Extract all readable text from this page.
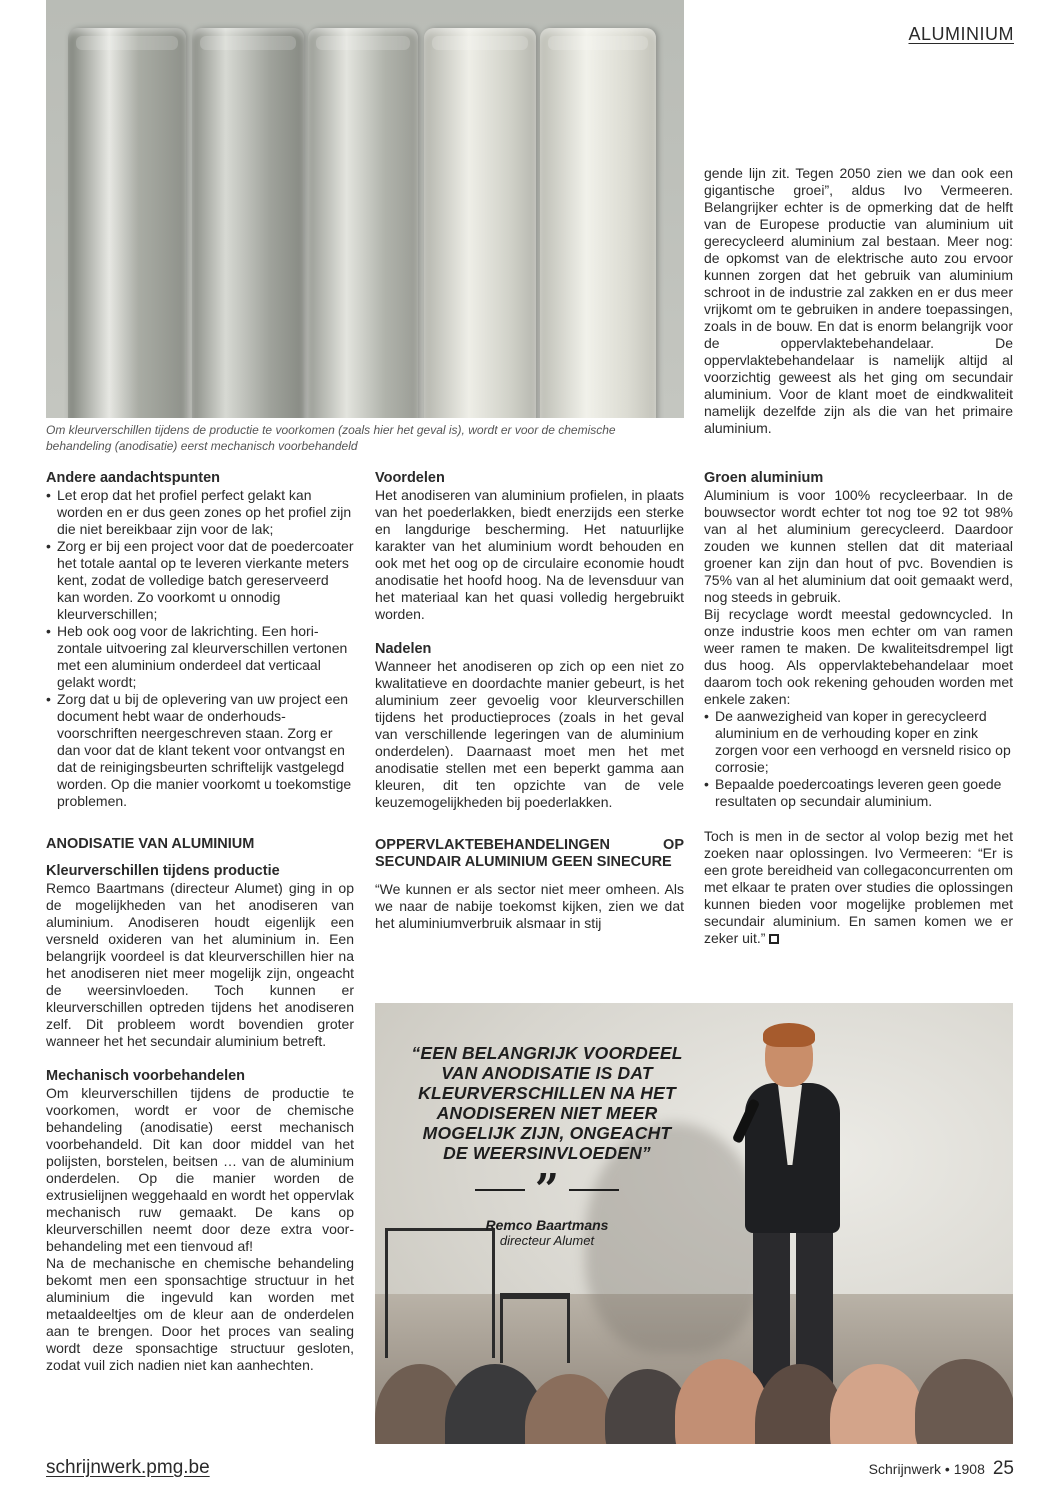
ALUMINIUM
Om kleurverschillen tijdens de productie te voorkomen (zoals hier het geval is), wordt er voor de chemische behandeling (anodisatie) eerst mechanisch voorbehandeld
Andere aandachtspunten
• Let erop dat het profiel perfect gelakt kan worden en er dus geen zones op het profiel zijn die niet bereikbaar zijn voor de lak;
• Zorg er bij een project voor dat de poedercoater het totale aantal op te leveren vierkante meters kent, zodat de volledige batch gereserveerd kan worden. Zo voorkomt u onnodig kleurverschillen;
• Heb ook oog voor de lakrichting. Een horizontale uitvoering zal kleurverschillen vertonen met een aluminium onderdeel dat verticaal gelakt wordt;
• Zorg dat u bij de oplevering van uw project een document hebt waar de onderhoudsvoorschriften neergeschreven staan. Zorg er dan voor dat de klant tekent voor ontvangst en dat de reinigingsbeurten schriftelijk vastgelegd worden. Op die manier voorkomt u toekomstige problemen.
ANODISATIE VAN ALUMINIUM
Kleurverschillen tijdens productie

Remco Baartmans (directeur Alumet) ging in op de mogelijkheden van het anodiseren van aluminium. Anodiseren houdt eigenlijk een versneld oxideren van het aluminium in. Een belangrijk voordeel is dat kleurverschillen hier na het anodiseren niet meer mogelijk zijn, ongeacht de weersinvloeden. Toch kunnen er kleurverschillen optreden tijdens het anodiseren zelf. Dit probleem wordt bovendien groter wanneer het het secundair aluminium betreft.

Mechanisch voorbehandelen

Om kleurverschillen tijdens de productie te voorkomen, wordt er voor de chemische behandeling (anodisatie) eerst mechanisch voorbehandeld. Dit kan door middel van het polijsten, borstelen, beitsen … van de aluminium onderdelen. Op die manier worden de extrusielijnen weggehaald en wordt het oppervlak mechanisch ruw gemaakt. De kans op kleurverschillen neemt door deze extra voorbehandeling met een tienvoud af!

Na de mechanische en chemische behandeling bekomt men een sponsachtige structuur in het aluminium die ingevuld kan worden met metaaldeeltjes om de kleur aan de onderdelen aan te brengen. Door het proces van sealing wordt deze sponsachtige structuur gesloten, zodat vuil zich nadien niet kan aanhechten.

Voordelen

Het anodiseren van aluminium profielen, in plaats van het poederlakken, biedt enerzijds een sterke en langdurige bescherming. Het natuurlijke karakter van het aluminium wordt behouden en ook met het oog op de circulaire economie houdt anodisatie het hoofd hoog. Na de levensduur van het materiaal kan het quasi volledig hergebruikt worden.

Nadelen

Wanneer het anodiseren op zich op een niet zo kwalitatieve en doordachte manier gebeurt, is het aluminium zeer gevoelig voor kleurverschillen tijdens het productieproces (zoals in het geval van verschillende legeringen van de aluminium onderdelen). Daarnaast moet men het met anodisatie stellen met een beperkt gamma aan kleuren, dit ten opzichte van de vele keuzemogelijkheden bij poederlakken.

OPPERVLAKTEBEHANDELINGEN OP SECUNDAIR ALUMINIUM GEEN SINECURE

“We kunnen er als sector niet meer omheen. Als we naar de nabije toekomst kijken, zien we dat het aluminiumverbruik alsmaar in stij

gende lijn zit. Tegen 2050 zien we dan ook een gigantische groei”, aldus Ivo Vermeeren. Belangrijker echter is de opmerking dat de helft van de Europese productie van aluminium uit gerecycleerd aluminium zal bestaan. Meer nog: de opkomst van de elektrische auto zou ervoor kunnen zorgen dat het gebruik van aluminium schroot in de industrie zal zakken en er dus meer vrijkomt om te gebruiken in andere toepassingen, zoals in de bouw. En dat is enorm belangrijk voor de oppervlaktebehandelaar. De oppervlaktebehandelaar is namelijk altijd al voorzichtig geweest als het ging om secundair aluminium. Voor de klant moet de eindkwaliteit namelijk dezelfde zijn als die van het primaire aluminium.

Groen aluminium

Aluminium is voor 100% recycleerbaar. In de bouwsector wordt echter tot nog toe 92 tot 98% van al het aluminium gerecycleerd. Daardoor zouden we kunnen stellen dat dit materiaal groener kan zijn dan hout of pvc. Bovendien is 75% van al het aluminium dat ooit gemaakt werd, nog steeds in gebruik.

Bij recyclage wordt meestal gedowncycled. In onze industrie koos men echter om van ramen weer ramen te maken. De kwaliteitsdrempel ligt dus hoog. Als oppervlaktebehandelaar moet daarom toch ook rekening gehouden worden met enkele zaken:

• De aanwezigheid van koper in gerecycleerd aluminium en de verhouding koper en zink zorgen voor een verhoogd en versneld risico op corrosie;
• Bepaalde poedercoatings leveren geen goede resultaten op secundair aluminium.

Toch is men in de sector al volop bezig met het zoeken naar oplossingen. Ivo Vermeeren: “Er is een grote bereidheid van collegaconcurrenten om met elkaar te praten over studies die oplossingen kunnen bieden voor mogelijke problemen met secundair aluminium. En samen komen we er zeker uit.”

“EEN BELANGRIJK VOORDEEL VAN ANODISATIE IS DAT KLEURVERSCHILLEN NA HET ANODISEREN NIET MEER MOGELIJK ZIJN, ONGEACHT DE WEERSINVLOEDEN”
”
Remco Baartmans
directeur Alumet
schrijnwerk.pmg.be	Schrijnwerk • 1908 25
